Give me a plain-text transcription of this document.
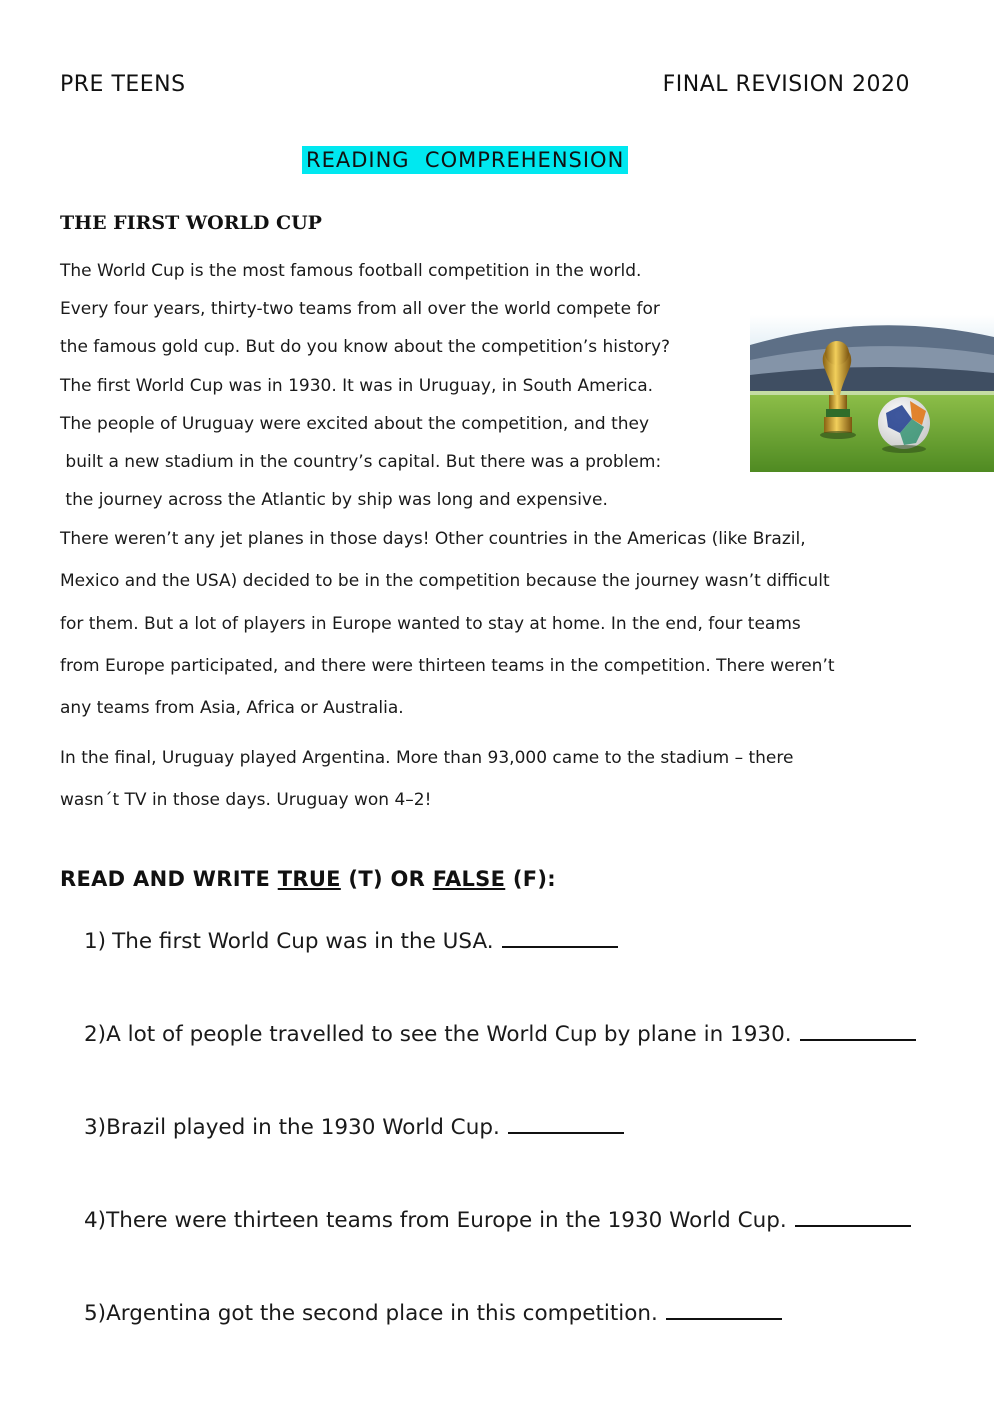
PRE TEENS	FINAL REVISION 2020
READING  COMPREHENSION
THE FIRST WORLD CUP

The World Cup is the most famous football competition in the world.
Every four years, thirty-two teams from all over the world compete for
the famous gold cup. But do you know about the competition’s history?
The first World Cup was in 1930. It was in Uruguay, in South America.
The people of Uruguay were excited about the competition, and they
built a new stadium in the country’s capital. But there was a problem:
the journey across the Atlantic by ship was long and expensive.

There weren’t any jet planes in those days! Other countries in the Americas (like Brazil,
Mexico and the USA) decided to be in the competition because the journey wasn’t difficult
for them. But a lot of players in Europe wanted to stay at home. In the end, four teams
from Europe participated, and there were thirteen teams in the competition. There weren’t
any teams from Asia, Africa or Australia.

In the final, Uruguay played Argentina. More than 93,000 came to the stadium – there
wasn´t TV in those days. Uruguay won 4–2!

READ AND WRITE TRUE (T) OR FALSE (F):
1) The first World Cup was in the USA.
2)A lot of people travelled to see the World Cup by plane in 1930.
3)Brazil played in the 1930 World Cup.
4)There were thirteen teams from Europe in the 1930 World Cup.
5)Argentina got the second place in this competition.
